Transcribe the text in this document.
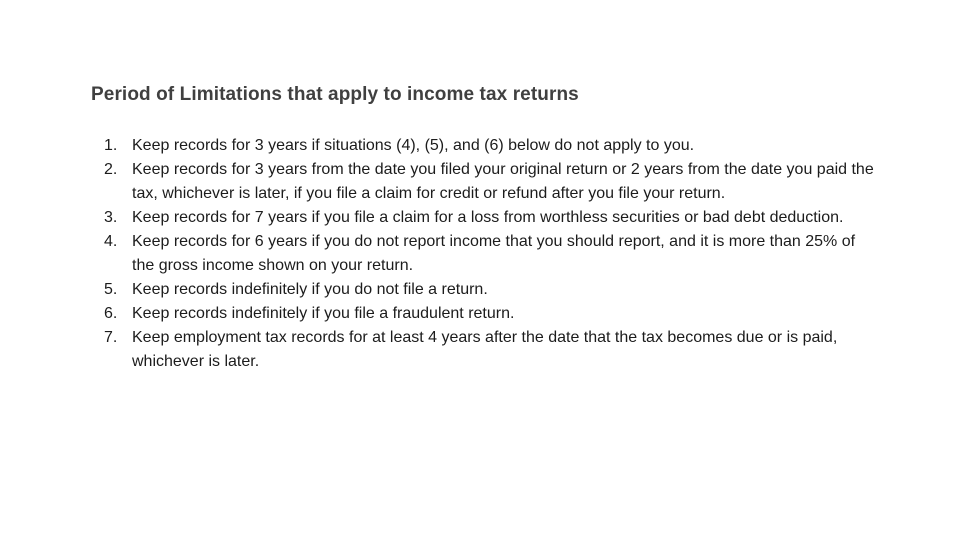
Period of Limitations that apply to income tax returns
1. Keep records for 3 years if situations (4), (5), and (6) below do not apply to you.
2. Keep records for 3 years from the date you filed your original return or 2 years from the date you paid the tax, whichever is later, if you file a claim for credit or refund after you file your return.
3. Keep records for 7 years if you file a claim for a loss from worthless securities or bad debt deduction.
4. Keep records for 6 years if you do not report income that you should report, and it is more than 25% of the gross income shown on your return.
5. Keep records indefinitely if you do not file a return.
6. Keep records indefinitely if you file a fraudulent return.
7. Keep employment tax records for at least 4 years after the date that the tax becomes due or is paid, whichever is later.
